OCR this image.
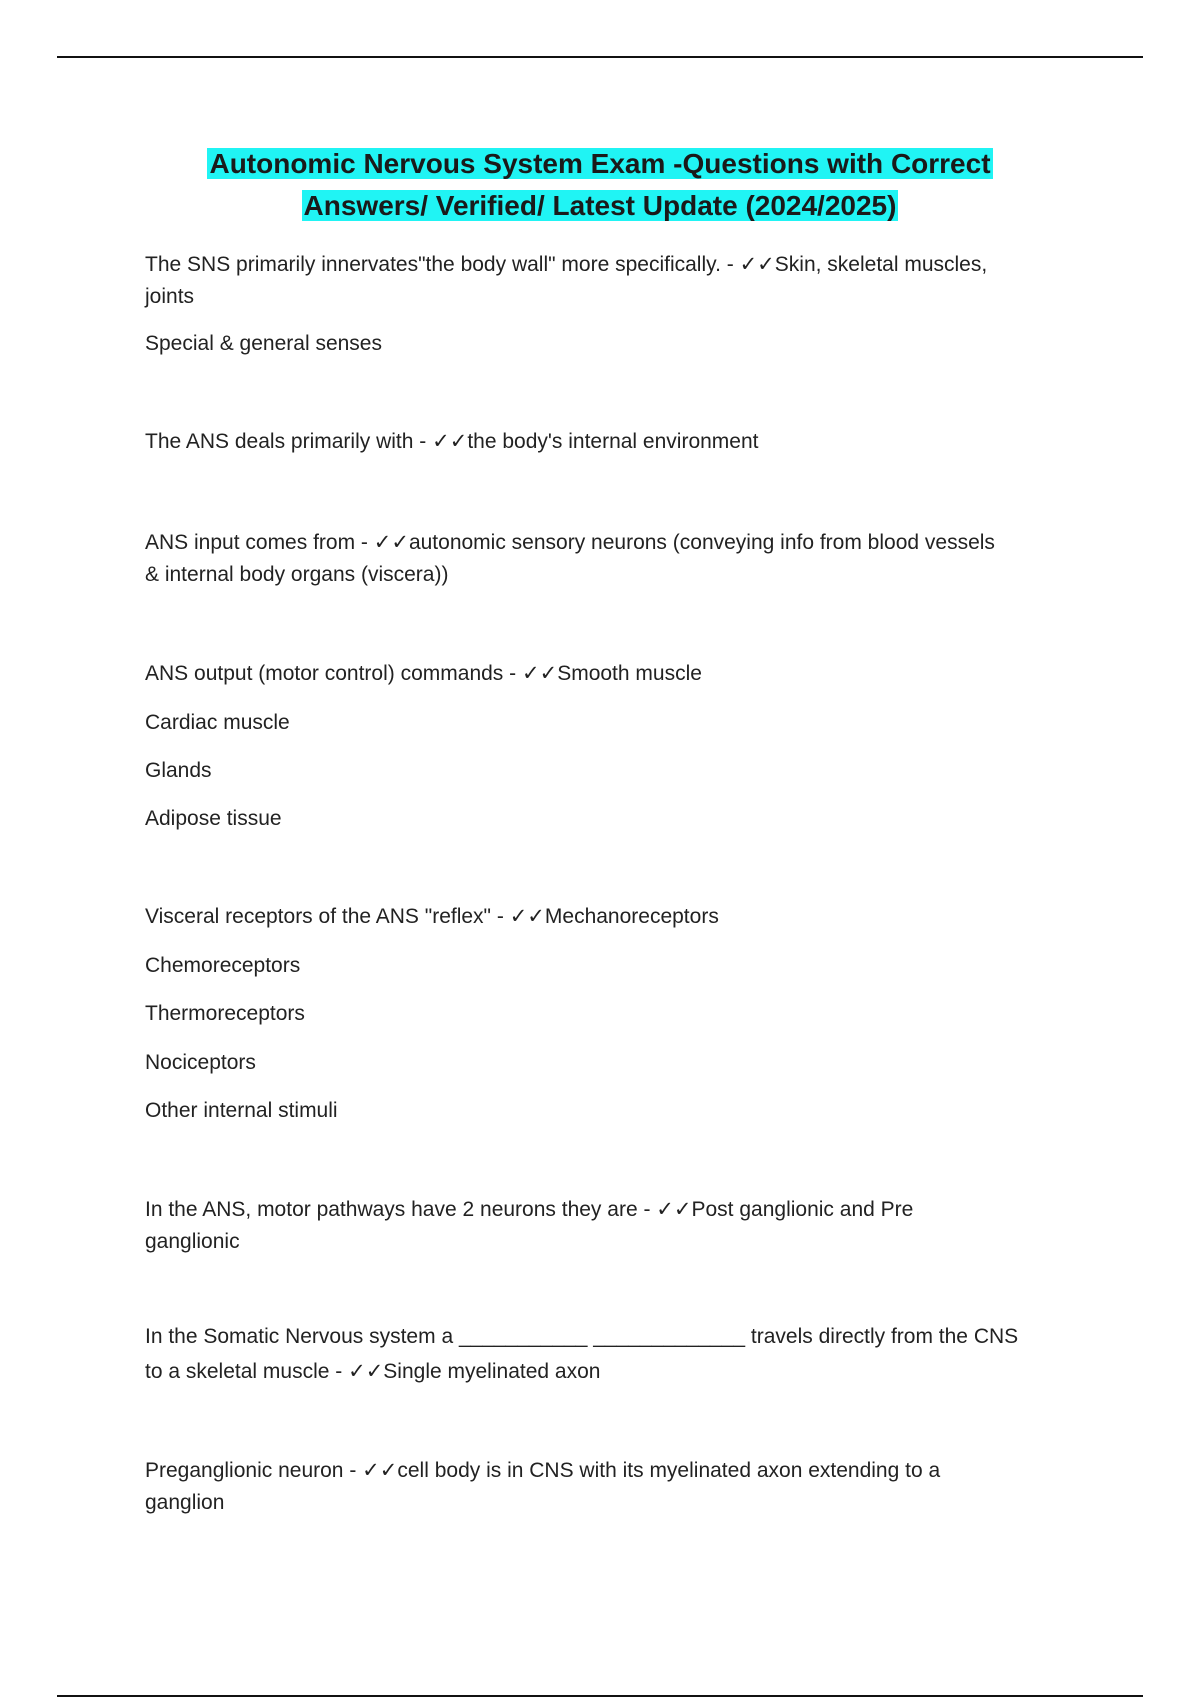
Autonomic Nervous System Exam -Questions with Correct
Answers/ Verified/ Latest Update (2024/2025)

The SNS primarily innervates"the body wall" more specifically. - ✓✓Skin, skeletal muscles,

joints

Special & general senses

The ANS deals primarily with - ✓✓the body's internal environment

ANS input comes from - ✓✓autonomic sensory neurons (conveying info from blood vessels

& internal body organs (viscera))

ANS output (motor control) commands - ✓✓Smooth muscle

Cardiac muscle
Glands
Adipose tissue

Visceral receptors of the ANS "reflex" - ✓✓Mechanoreceptors

Chemoreceptors
Thermoreceptors
Nociceptors
Other internal stimuli

In the ANS, motor pathways have 2 neurons they are - ✓✓Post ganglionic and Pre

ganglionic

In the Somatic Nervous system a ___________ _____________ travels directly from the CNS

to a skeletal muscle - ✓✓Single myelinated axon

Preganglionic neuron - ✓✓cell body is in CNS with its myelinated axon extending to a

ganglion
